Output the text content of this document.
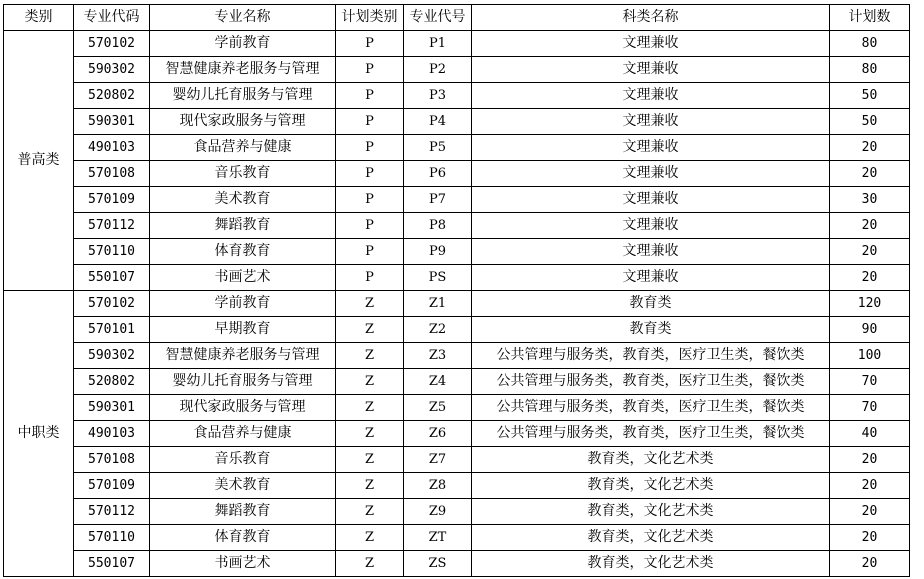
类别	专业代码	专业名称	计划类别	专业代号	科类名称	计划数
普高类	570102	学前教育	P	P1	文理兼收	80
	590302	智慧健康养老服务与管理	P	P2	文理兼收	80
	520802	婴幼儿托育服务与管理	P	P3	文理兼收	50
	590301	现代家政服务与管理	P	P4	文理兼收	50
	490103	食品营养与健康	P	P5	文理兼收	20
	570108	音乐教育	P	P6	文理兼收	20
	570109	美术教育	P	P7	文理兼收	30
	570112	舞蹈教育	P	P8	文理兼收	20
	570110	体育教育	P	P9	文理兼收	20
	550107	书画艺术	P	PS	文理兼收	20
中职类	570102	学前教育	Z	Z1	教育类	120
	570101	早期教育	Z	Z2	教育类	90
	590302	智慧健康养老服务与管理	Z	Z3	公共管理与服务类，教育类，医疗卫生类，餐饮类	100
	520802	婴幼儿托育服务与管理	Z	Z4	公共管理与服务类，教育类，医疗卫生类，餐饮类	70
	590301	现代家政服务与管理	Z	Z5	公共管理与服务类，教育类，医疗卫生类，餐饮类	70
	490103	食品营养与健康	Z	Z6	公共管理与服务类，教育类，医疗卫生类，餐饮类	40
	570108	音乐教育	Z	Z7	教育类，文化艺术类	20
	570109	美术教育	Z	Z8	教育类，文化艺术类	20
	570112	舞蹈教育	Z	Z9	教育类，文化艺术类	20
	570110	体育教育	Z	ZT	教育类，文化艺术类	20
	550107	书画艺术	Z	ZS	教育类，文化艺术类	20
